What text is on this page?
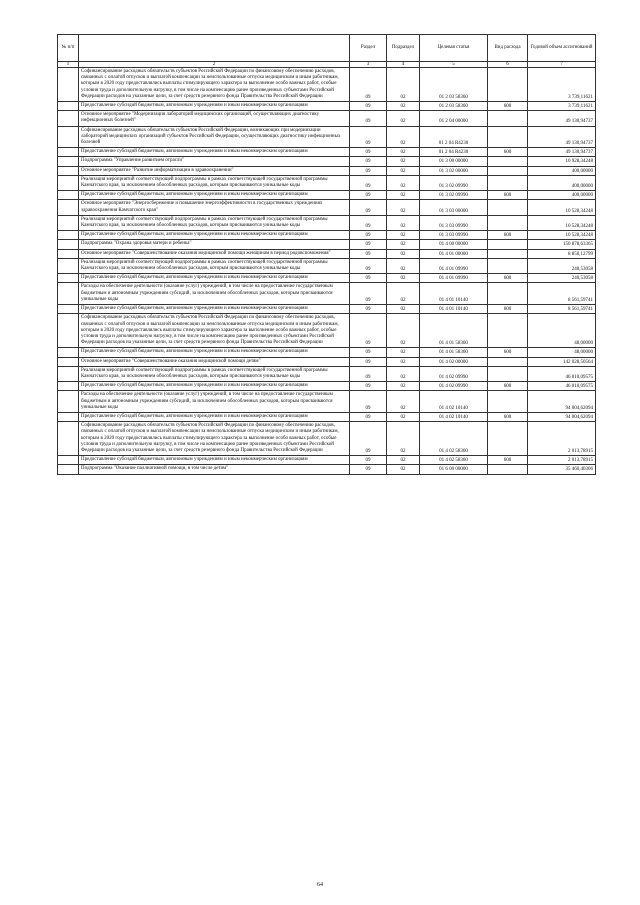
№ п/п		Раздел	Подраздел	Целевая статья	Вид расхода	Годовой объем ассигнований
1	2	3	4	5	6	7
	Софинансирование расходных обязательств субъектов Российской Федерации по финансовому обеспечению расходов, связанных с оплатой отпусков и выплатой компенсации за неиспользованные отпуска медицинским и иным работникам, которым в 2020 году предоставлялись выплаты стимулирующего характера за выполнение особо важных работ, особые условия труда и дополнительную нагрузку, в том числе на компенсацию ранее произведенных субъектами Российской Федерации расходов на указанные цели, за счет средств резервного фонда Правительства Российской Федерации	09	02	01 2 03 58360		3 739,11621
	Предоставление субсидий бюджетным, автономным учреждениям и иным некоммерческим организациям	09	02	01 2 03 58360	600	3 739,11621
	Основное мероприятие "Модернизация лабораторий медицинских организаций, осуществляющих диагностику инфекционных болезней"	09	02	01 2 04 00000		49 130,94737
	Софинансирование расходных обязательств субъектов Российской Федерации, возникающих при модернизации лабораторий медицинских организаций субъектов Российской Федерации, осуществляющих диагностику инфекционных болезней	09	02	01 2 04 R4230		49 130,94737
	Предоставление субсидий бюджетным, автономным учреждениям и иным некоммерческим организациям	09	02	01 2 04 R4230	600	49 130,94737
	Подпрограмма "Управление развитием отрасли"	09	02	01 3 00 00000		10 928,34248
	Основное мероприятие "Развитие информатизации в здравоохранении"	09	02	01 3 02 00000		400,00000
	Реализация мероприятий соответствующей подпрограммы в рамках соответствующей государственной программы Камчатского края, за исключением обособленных расходов, которым присваиваются уникальные коды	09	02	01 3 02 09990		400,00000
	Предоставление субсидий бюджетным, автономным учреждениям и иным некоммерческим организациям	09	02	01 3 02 09990	600	400,00000
	Основное мероприятие "Энергосбережение и повышение энергоэффективности в государственных учреждениях здравоохранения Камчатского края"	09	02	01 3 03 00000		10 528,34248
	Реализация мероприятий соответствующей подпрограммы в рамках соответствующей государственной программы Камчатского края, за исключением обособленных расходов, которым присваиваются уникальные коды	09	02	01 3 03 09990		10 528,34248
	Предоставление субсидий бюджетным, автономным учреждениям и иным некоммерческим организациям	09	02	01 3 03 09990	600	10 528,34248
	Подпрограмма "Охрана здоровья матери и ребенка"	09	02	01 4 00 00000		150 878,63365
	Основное мероприятие "Совершенствование оказания медицинской помощи женщинам в период родовспоможения"	09	02	01 4 01 00000		8 850,12799
	Реализация мероприятий соответствующей подпрограммы в рамках соответствующей государственной программы Камчатского края, за исключением обособленных расходов, которым присваиваются уникальные коды	09	02	01 4 01 09990		240,53058
	Предоставление субсидий бюджетным, автономным учреждениям и иным некоммерческим организациям	09	02	01 4 01 09990	600	240,53058
	Расходы на обеспечение деятельности (оказание услуг) учреждений, в том числе на предоставление государственным бюджетным и автономным учреждениям субсидий, за исключением обособленных расходов, которым присваиваются уникальные коды	09	02	01 4 01 10140		8 561,59741
	Предоставление субсидий бюджетным, автономным учреждениям и иным некоммерческим организациям	09	02	01 4 01 10140	600	8 561,59741
	Софинансирование расходных обязательств субъектов Российской Федерации по финансовому обеспечению расходов, связанных с оплатой отпусков и выплатой компенсации за неиспользованные отпуска медицинским и иным работникам, которым в 2020 году предоставлялись выплаты стимулирующего характера за выполнение особо важных работ, особые условия труда и дополнительную нагрузку, в том числе на компенсацию ранее произведенных субъектами Российской Федерации расходов на указанные цели, за счет средств резервного фонда Правительства Российской Федерации	09	02	01 4 01 58360		48,00000
	Предоставление субсидий бюджетным, автономным учреждениям и иным некоммерческим организациям	09	02	01 4 01 58360	600	48,00000
	Основное мероприятие "Совершенствование оказания медицинской помощи детям"	09	02	01 4 02 00000		142 028,50564
	Реализация мероприятий соответствующей подпрограммы в рамках соответствующей государственной программы Камчатского края, за исключением обособленных расходов, которым присваиваются уникальные коды	09	02	01 4 02 09990		46 010,09575
	Предоставление субсидий бюджетным, автономным учреждениям и иным некоммерческим организациям	09	02	01 4 02 09990	600	46 010,09575
	Расходы на обеспечение деятельности (оказание услуг) учреждений, в том числе на предоставление государственным бюджетным и автономным учреждениям субсидий, за исключением обособленных расходов, которым присваиваются уникальные коды	09	02	01 4 02 10140		94 004,62094
	Предоставление субсидий бюджетным, автономным учреждениям и иным некоммерческим организациям	09	02	01 4 02 10140	600	94 004,62094
	Софинансирование расходных обязательств субъектов Российской Федерации по финансовому обеспечению расходов, связанных с оплатой отпусков и выплатой компенсации за неиспользованные отпуска медицинским и иным работникам, которым в 2020 году предоставлялись выплаты стимулирующего характера за выполнение особо важных работ, особые условия труда и дополнительную нагрузку, в том числе на компенсацию ранее произведенных субъектами Российской Федерации расходов на указанные цели, за счет средств резервного фонда Правительства Российской Федерации	09	02	01 4 02 58360		2 013,78915
	Предоставление субсидий бюджетным, автономным учреждениям и иным некоммерческим организациям	09	02	01 4 02 58360	600	2 013,78915
	Подпрограмма "Оказание паллиативной помощи, в том числе детям"	09	02	01 6 00 00000		35 460,40306
64
